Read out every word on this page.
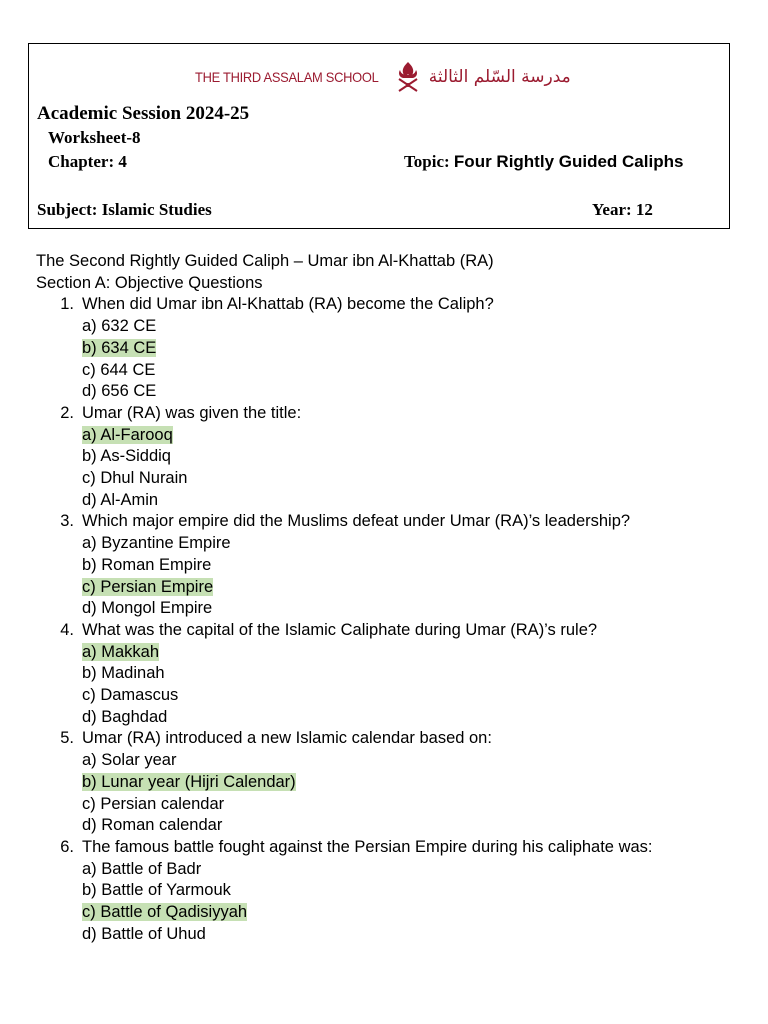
THE THIRD ASSALAM SCHOOL	مدرسة السّلم الثالثة
Academic Session 2024-25
Worksheet-8
Chapter: 4	Topic: Four Rightly Guided Caliphs
Subject: Islamic Studies	Year: 12
The Second Rightly Guided Caliph – Umar ibn Al-Khattab (RA)
Section A: Objective Questions
1. When did Umar ibn Al-Khattab (RA) become the Caliph?
a) 632 CE
b) 634 CE
c) 644 CE
d) 656 CE
2. Umar (RA) was given the title:
a) Al-Farooq
b) As-Siddiq
c) Dhul Nurain
d) Al-Amin
3. Which major empire did the Muslims defeat under Umar (RA)’s leadership?
a) Byzantine Empire
b) Roman Empire
c) Persian Empire
d) Mongol Empire
4. What was the capital of the Islamic Caliphate during Umar (RA)’s rule?
a) Makkah
b) Madinah
c) Damascus
d) Baghdad
5. Umar (RA) introduced a new Islamic calendar based on:
a) Solar year
b) Lunar year (Hijri Calendar)
c) Persian calendar
d) Roman calendar
6. The famous battle fought against the Persian Empire during his caliphate was:
a) Battle of Badr
b) Battle of Yarmouk
c) Battle of Qadisiyyah
d) Battle of Uhud
